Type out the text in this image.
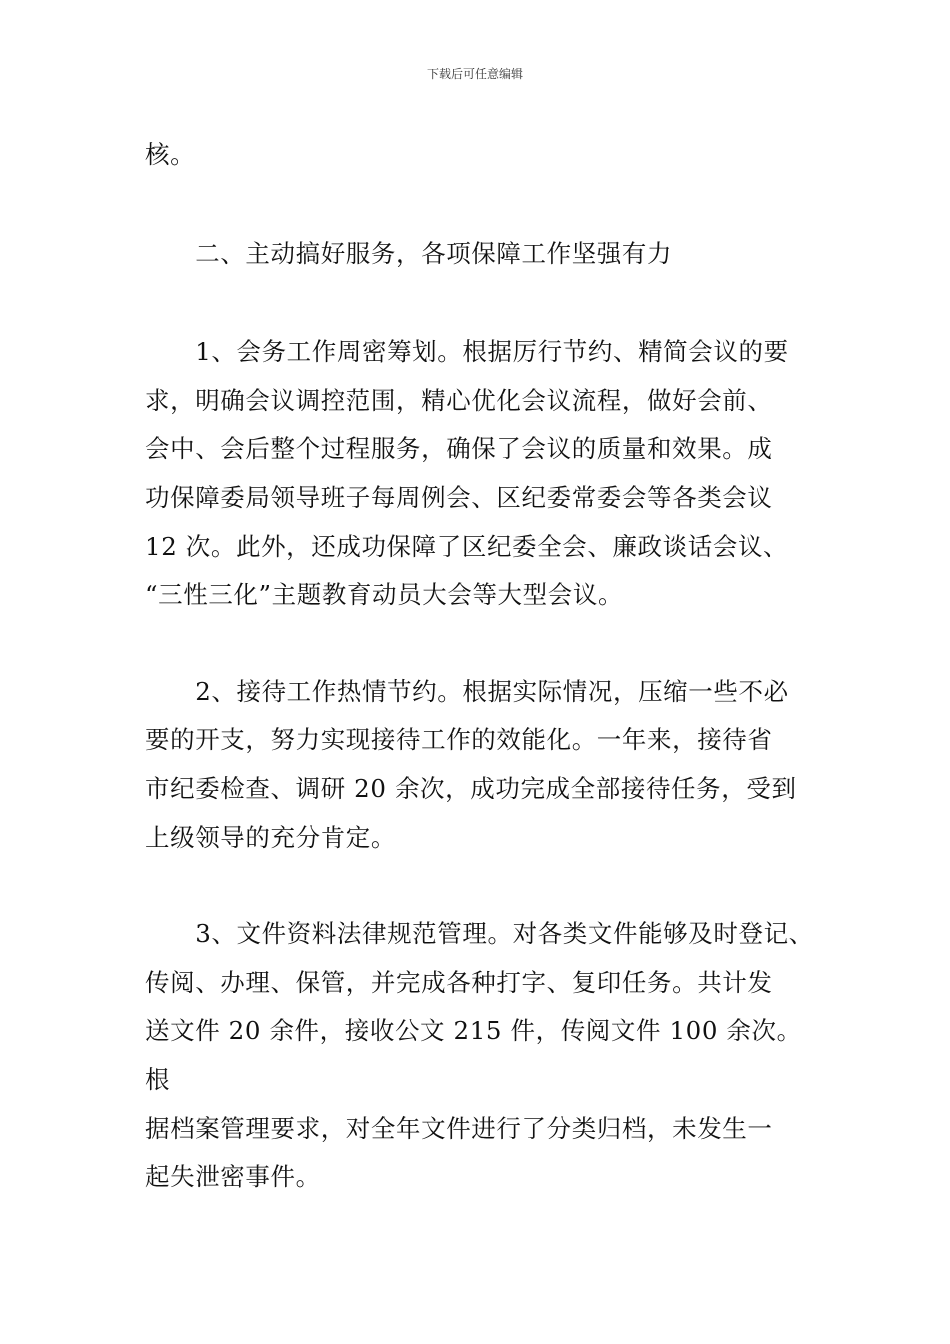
下载后可任意编辑

核。

　　二、主动搞好服务，各项保障工作坚强有力

　　1、会务工作周密筹划。根据厉行节约、精简会议的要
求，明确会议调控范围，精心优化会议流程，做好会前、
会中、会后整个过程服务，确保了会议的质量和效果。成
功保障委局领导班子每周例会、区纪委常委会等各类会议
12 次。此外，还成功保障了区纪委全会、廉政谈话会议、
“三性三化”主题教育动员大会等大型会议。

　　2、接待工作热情节约。根据实际情况，压缩一些不必
要的开支，努力实现接待工作的效能化。一年来，接待省
市纪委检查、调研 20 余次，成功完成全部接待任务，受到
上级领导的充分肯定。

　　3、文件资料法律规范管理。对各类文件能够及时登记、
传阅、办理、保管，并完成各种打字、复印任务。共计发
送文件 20 余件，接收公文 215 件，传阅文件 100 余次。根
据档案管理要求，对全年文件进行了分类归档，未发生一
起失泄密事件。
